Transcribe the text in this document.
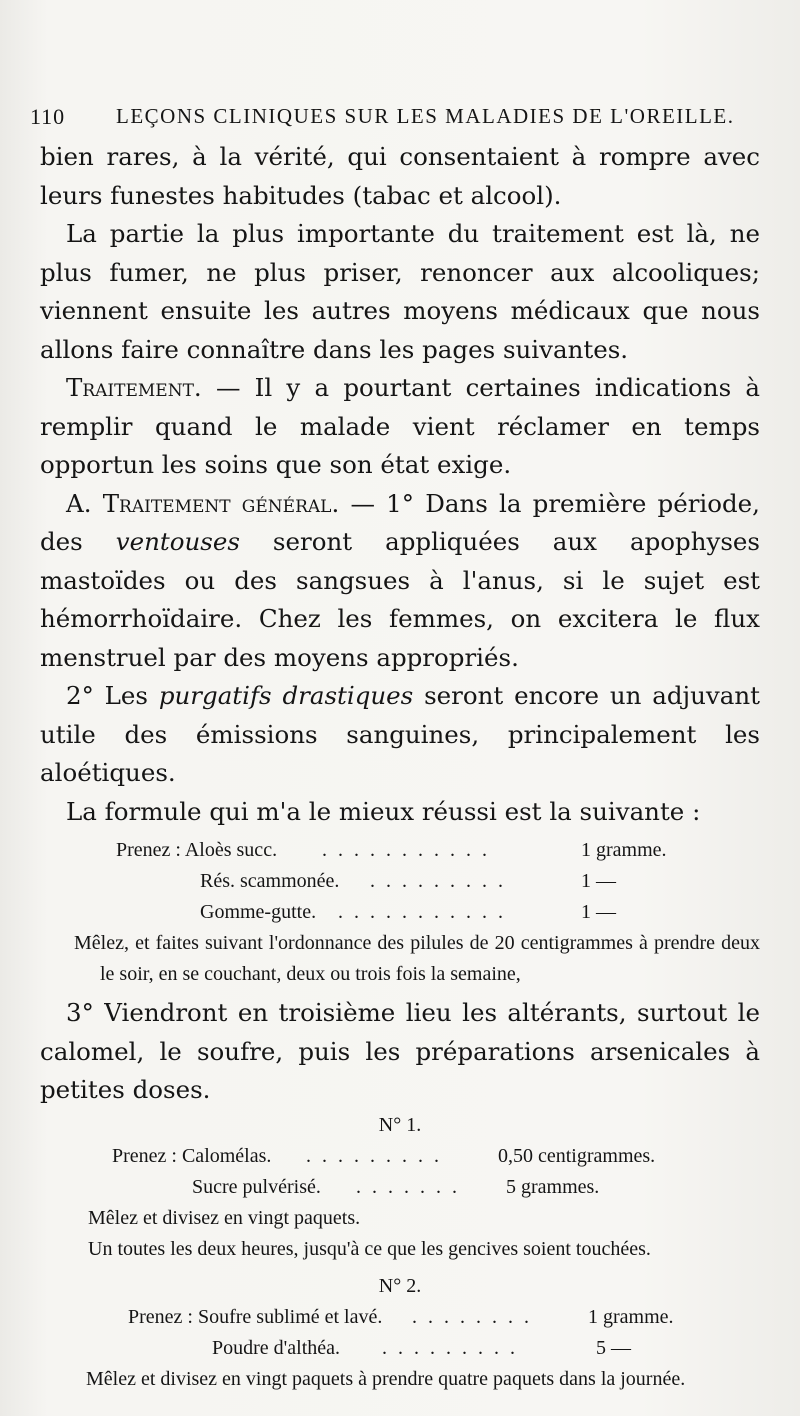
110 LEÇONS CLINIQUES SUR LES MALADIES DE L'OREILLE.

bien rares, à la vérité, qui consentaient à rompre avec leurs funestes habitudes (tabac et alcool).

La partie la plus importante du traitement est là, ne plus fumer, ne plus priser, renoncer aux alcooliques; viennent ensuite les autres moyens médicaux que nous allons faire connaître dans les pages suivantes.

Traitement. — Il y a pourtant certaines indications à remplir quand le malade vient réclamer en temps opportun les soins que son état exige.

A. Traitement général. — 1° Dans la première période, des ventouses seront appliquées aux apophyses mastoïdes ou des sangsues à l'anus, si le sujet est hémorrhoïdaire. Chez les femmes, on excitera le flux menstruel par des moyens appropriés.

2° Les purgatifs drastiques seront encore un adjuvant utile des émissions sanguines, principalement les aloétiques.

La formule qui m'a le mieux réussi est la suivante :

Prenez : Aloès succ. . . . . . . . . . . .	1 gramme.
Rés. scammonée. . . . . . . . . .	1 —
Gomme-gutte. . . . . . . . . . . .	1 —

Mêlez, et faites suivant l'ordonnance des pilules de 20 centigrammes à prendre deux le soir, en se couchant, deux ou trois fois la semaine,

3° Viendront en troisième lieu les altérants, surtout le calomel, le soufre, puis les préparations arsenicales à petites doses.

N° 1.
Prenez : Calomélas. . . . . . . . . .	0,50 centigrammes.
Sucre pulvérisé. . . . . . . . 5 grammes.
Mêlez et divisez en vingt paquets.
Un toutes les deux heures, jusqu'à ce que les gencives soient touchées.
N° 2.
Prenez : Soufre sublimé et lavé. . . . . . . . .	1 gramme.
Poudre d'althéa. . . . . . . . . .	5 —

Mêlez et divisez en vingt paquets à prendre quatre paquets dans la journée.
